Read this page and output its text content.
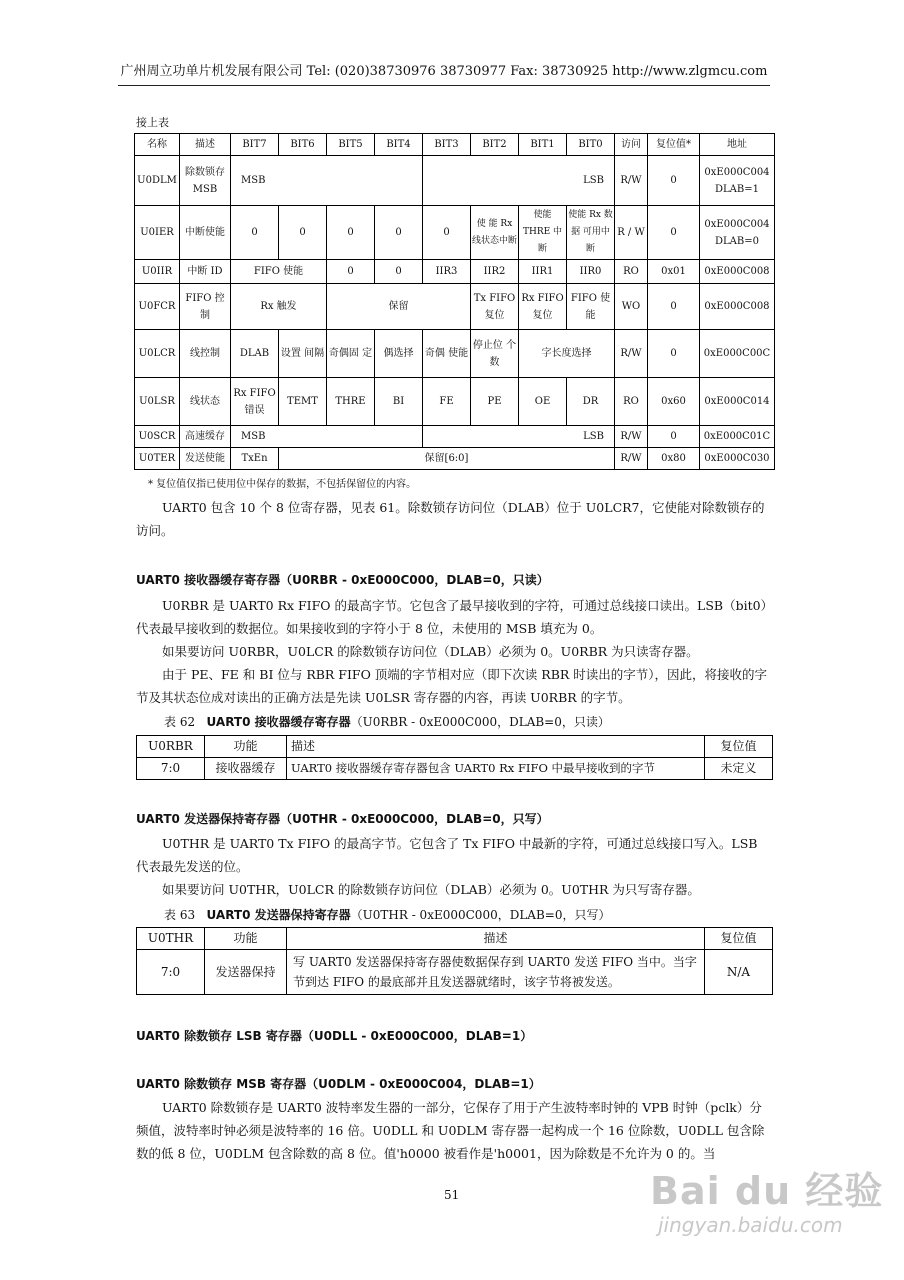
广州周立功单片机发展有限公司 Tel: (020)38730976 38730977 Fax: 38730925 http://www.zlgmcu.com
接上表
名称	描述	BIT7	BIT6	BIT5	BIT4	BIT3	BIT2	BIT1	BIT0	访问	复位值*	地址
U0DLM	除数锁存 MSB	MSB				LSB				R/W	0	0xE000C004 DLAB=1
U0IER	中断使能	0	0	0	0	0	使 能 Rx 线状态中断	使能 THRE 中 断	使能 Rx 数据 可用中断	R / W	0	0xE000C004 DLAB=0
U0IIR	中断 ID	FIFO 使能		0	0	IIR3	IIR2	IIR1	IIR0	RO	0x01	0xE000C008
U0FCR	FIFO 控制	Rx 触发		保留			Tx FIFO 复位	Rx FIFO 复位	FIFO 使能	WO	0	0xE000C008
U0LCR	线控制	DLAB	设置 间隔	奇偶固 定	偶选择	奇偶 使能	停止位 个数	字长度选择		R/W	0	0xE000C00C
U0LSR	线状态	Rx FIFO 错误	TEMT	THRE	BI	FE	PE	OE	DR	RO	0x60	0xE000C014
U0SCR	高速缓存	MSB				LSB				R/W	0	0xE000C01C
U0TER	发送使能	TxEn	保留[6:0]							R/W	0x80	0xE000C030
* 复位值仅指已使用位中保存的数据，不包括保留位的内容。

UART0 包含 10 个 8 位寄存器，见表 61。除数锁存访问位（DLAB）位于 U0LCR7，它使能对除数锁存的访问。

UART0 接收器缓存寄存器（U0RBR - 0xE000C000，DLAB=0，只读）

U0RBR 是 UART0 Rx FIFO 的最高字节。它包含了最早接收到的字符，可通过总线接口读出。LSB（bit0）代表最早接收到的数据位。如果接收到的字符小于 8 位，未使用的 MSB 填充为 0。

如果要访问 U0RBR，U0LCR 的除数锁存访问位（DLAB）必须为 0。U0RBR 为只读寄存器。

由于 PE、FE 和 BI 位与 RBR FIFO 顶端的字节相对应（即下次读 RBR 时读出的字节），因此，将接收的字节及其状态位成对读出的正确方法是先读 U0LSR 寄存器的内容，再读 U0RBR 的字节。

表 62 UART0 接收器缓存寄存器（U0RBR - 0xE000C000，DLAB=0，只读）
U0RBR	功能	描述	复位值
7:0	接收器缓存	UART0 接收器缓存寄存器包含 UART0 Rx FIFO 中最早接收到的字节	未定义
UART0 发送器保持寄存器（U0THR - 0xE000C000，DLAB=0，只写）

U0THR 是 UART0 Tx FIFO 的最高字节。它包含了 Tx FIFO 中最新的字符，可通过总线接口写入。LSB 代表最先发送的位。

如果要访问 U0THR，U0LCR 的除数锁存访问位（DLAB）必须为 0。U0THR 为只写寄存器。

表 63 UART0 发送器保持寄存器（U0THR - 0xE000C000，DLAB=0，只写）
U0THR	功能	描述	复位值
7:0	发送器保持	写 UART0 发送器保持寄存器使数据保存到 UART0 发送 FIFO 当中。当字节到达 FIFO 的最底部并且发送器就绪时，该字节将被发送。	N/A
UART0 除数锁存 LSB 寄存器（U0DLL - 0xE000C000，DLAB=1）
UART0 除数锁存 MSB 寄存器（U0DLM - 0xE000C004，DLAB=1）

UART0 除数锁存是 UART0 波特率发生器的一部分，它保存了用于产生波特率时钟的 VPB 时钟（pclk）分频值，波特率时钟必须是波特率的 16 倍。U0DLL 和 U0DLM 寄存器一起构成一个 16 位除数，U0DLL 包含除数的低 8 位，U0DLM 包含除数的高 8 位。值'h0000 被看作是'h0001，因为除数是不允许为 0 的。当

51	Bai du 经验
jingyan.baidu.com
